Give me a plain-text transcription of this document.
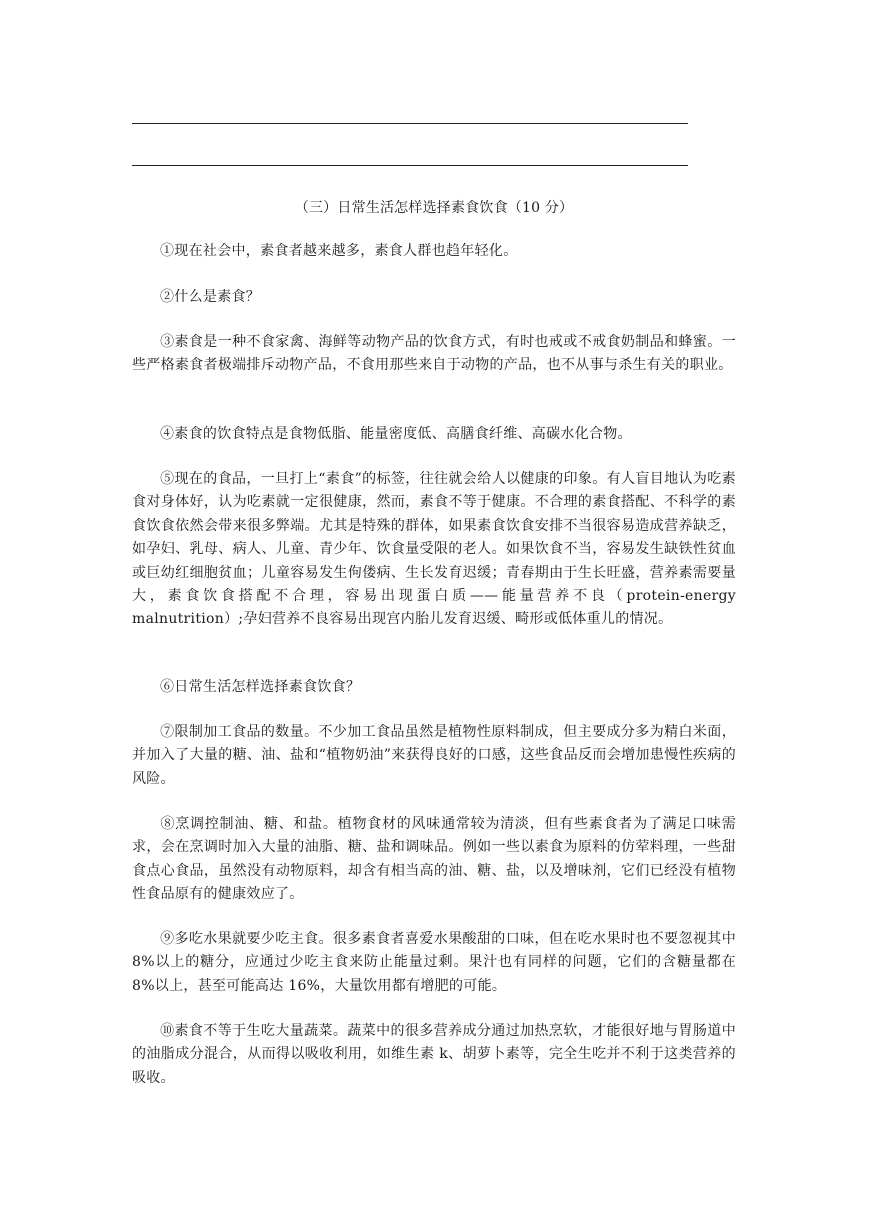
（三）日常生活怎样选择素食饮食（10 分）

①现在社会中，素食者越来越多，素食人群也趋年轻化。

②什么是素食？

③素食是一种不食家禽、海鲜等动物产品的饮食方式，有时也戒或不戒食奶制品和蜂蜜。一些严格素食者极端排斥动物产品，不食用那些来自于动物的产品，也不从事与杀生有关的职业。

④素食的饮食特点是食物低脂、能量密度低、高膳食纤维、高碳水化合物。

⑤现在的食品，一旦打上“素食”的标签，往往就会给人以健康的印象。有人盲目地认为吃素食对身体好，认为吃素就一定很健康，然而，素食不等于健康。不合理的素食搭配、不科学的素食饮食依然会带来很多弊端。尤其是特殊的群体，如果素食饮食安排不当很容易造成营养缺乏，如孕妇、乳母、病人、儿童、青少年、饮食量受限的老人。如果饮食不当，容易发生缺铁性贫血或巨幼红细胞贫血；儿童容易发生佝偻病、生长发育迟缓；青春期由于生长旺盛，营养素需要量大，素食饮食搭配不合理，容易出现蛋白质——能量营养不良（protein-energy malnutrition）;孕妇营养不良容易出现宫内胎儿发育迟缓、畸形或低体重儿的情况。

⑥日常生活怎样选择素食饮食？

⑦限制加工食品的数量。不少加工食品虽然是植物性原料制成，但主要成分多为精白米面，并加入了大量的糖、油、盐和“植物奶油”来获得良好的口感，这些食品反而会增加患慢性疾病的风险。

⑧烹调控制油、糖、和盐。植物食材的风味通常较为清淡，但有些素食者为了满足口味需求，会在烹调时加入大量的油脂、糖、盐和调味品。例如一些以素食为原料的仿荤料理，一些甜食点心食品，虽然没有动物原料，却含有相当高的油、糖、盐，以及增味剂，它们已经没有植物性食品原有的健康效应了。

⑨多吃水果就要少吃主食。很多素食者喜爱水果酸甜的口味，但在吃水果时也不要忽视其中 8%以上的糖分，应通过少吃主食来防止能量过剩。果汁也有同样的问题，它们的含糖量都在 8%以上，甚至可能高达 16%，大量饮用都有增肥的可能。

⑩素食不等于生吃大量蔬菜。蔬菜中的很多营养成分通过加热烹软，才能很好地与胃肠道中的油脂成分混合，从而得以吸收利用，如维生素 k、胡萝卜素等，完全生吃并不利于这类营养的吸收。
